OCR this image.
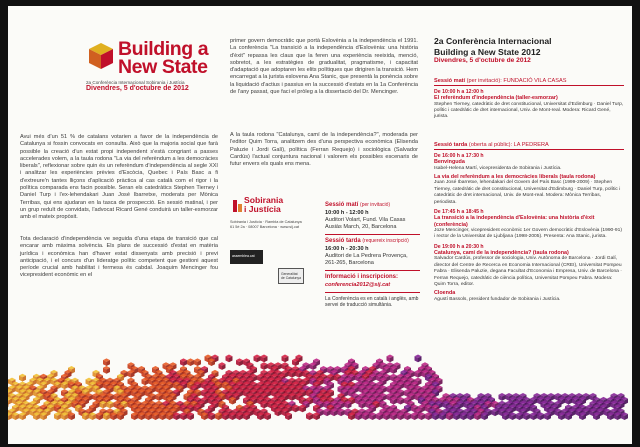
Building a
New State
2a Conferència Internacional Sobirania i Justícia
Divendres, 5 d'octubre de 2012

Avui més d'un 51 % de catalans votarien a favor de la independència de Catalunya si fossin convocats en consulta. Això que la majoria social que farà possible la creació d'un estat propi independent s'està congriant a passes accelerades volem, a la taula rodona "La via del referèndum a les democràcies liberals", reflexionar sobre quin és un referèndum d'independència al segle XXI i analitzar les experiències prèvies d'Escòcia, Quebec i País Basc a fi d'extreure'n tantes lliçons d'aplicació pràctica al cas català com el rigor i la política comparada ens facin possible. Seran els catedràtics Stephen Tierney i Daniel Turp i l'ex-lehendakari Juan José Ibarretxe, moderats per Mònica Terribas, qui ens ajudaran en la tasca de prospecció. En sessió matinal, i per un grup reduït de convidats, l'advocat Ricard Gené conduirà un taller-esmorzar amb el mateix propòsit.

Tota declaració d'independència ve seguida d'una etapa de transició que cal encarar amb màxima solvència. Els plans de successió d'estat en matèria jurídica i econòmica han d'haver estat dissenyats amb precisió i previ anticipació, i el concurs d'un lideratge polític competent que gestioni aquest període crucial amb habilitat i fermesa és cabdal. Joaquim Mencinger fou vicepresident econòmic en el

primer govern democràtic que portà Eslovènia a la independència el 1991. La conferència "La transició a la independència d'Eslovènia: una història d'èxit" repassa les claus que la feren una experiència reeixida, menció, sobretot, a les estratègies de gradualitat, pragmatisme, i capacitat d'adaptació que adoptaren les elits polítiques que dirigiren la transició. Hem encarregat a la jurista eslovena Ana Stanic, que presentà la ponència sobre la liquidació d'actius i passius en la successió d'estats en la 1a Conferència de l'any passat, que faci el pròleg a la dissertació del Dr. Mencinger.

A la taula rodona "Catalunya, camí de la independència?", moderada per l'editor Quim Torra, analitzem des d'una perspectiva econòmica (Elisenda Paluzie i Jordi Galí), política (Ferran Requejo) i sociològica (Salvador Cardús) l'actual conjuntura nacional i valorem els possibles escenaris de futur envers els quals ens mena.

Sobirania
i Justícia
Sobirania i Justícia · Rambla de Catalunya 61 5è 2a · 08007 Barcelona · www.sij.cat
assemblea.cat
Generalitat de Catalunya
Sessió matí (per invitació)
10:00 h - 12:00 h
Auditori Volart, Fund. Vila Casas Ausiàs March, 20, Barcelona
Sessió tarda (requereix inscripció)
16:00 h - 20:30 h
Auditori de La Pedrera Provença, 261-265, Barcelona
Informació i inscripcions:
conferencia2012@sij.cat
La Conferència es en català i anglès, amb servei de traducció simultània.
2a Conferència Internacional
Building a New State 2012
Divendres, 5 d'octubre de 2012
Sessió matí (per invitació): FUNDACIÓ VILA CASAS
De 10:00 h a 12:00 h
El referèndum d'independència (taller-esmorzar)
Stephen Tierney, catedràtic de dret constitucional, Universitat d'Edimburg · Daniel Turp, polític i catedràtic de dret internacional, Univ. de Mont-real. Modera: Ricard Gené, jurista.
Sessió tarda (oberta al públic): LA PEDRERA
De 16:00 h a 17:30 h
Benvinguda
Isabel-Helena Martí, vicepresidenta de Sobirania i Justícia.
La via del referèndum a les democràcies liberals (taula rodona)
Juan José Ibarretxe, lehendakari del Govern del País Basc (1999-2009) · Stephen Tierney, catedràtic de dret constitucional, Universitat d'Edimburg · Daniel Turp, polític i catedràtic de dret internacional, Univ. de Mont-real. Modera: Mònica Terribas, periodista.
De 17:45 h a 18:45 h
La transició a la independència d'Eslovènia: una història d'èxit (conferència)
Joze Mencinger, vicepresident econòmic 1er Govern democràtic d'Eslovènia (1990-91) i rector de la Universitat de Ljubljana (1998-2005). Presenta: Ana Stanic, jurista.
De 19:00 h a 20:30 h
Catalunya, camí de la independència? (taula rodona)
Salvador Cardús, professor de sociologia, Univ. Autònoma de Barcelona · Jordi Galí, director del Centre de Recerca en Economia Internacional (CREI), Universitat Pompeu Fabra · Elisenda Paluzie, degana Facultat d'Economia i Empresa, Univ. de Barcelona · Ferran Requejo, catedràtic de ciència política, Universitat Pompeu Fabra. Modera: Quim Torra, editor.
Cloenda
Agustí Bassols, president fundador de Sobirania i Justícia.
